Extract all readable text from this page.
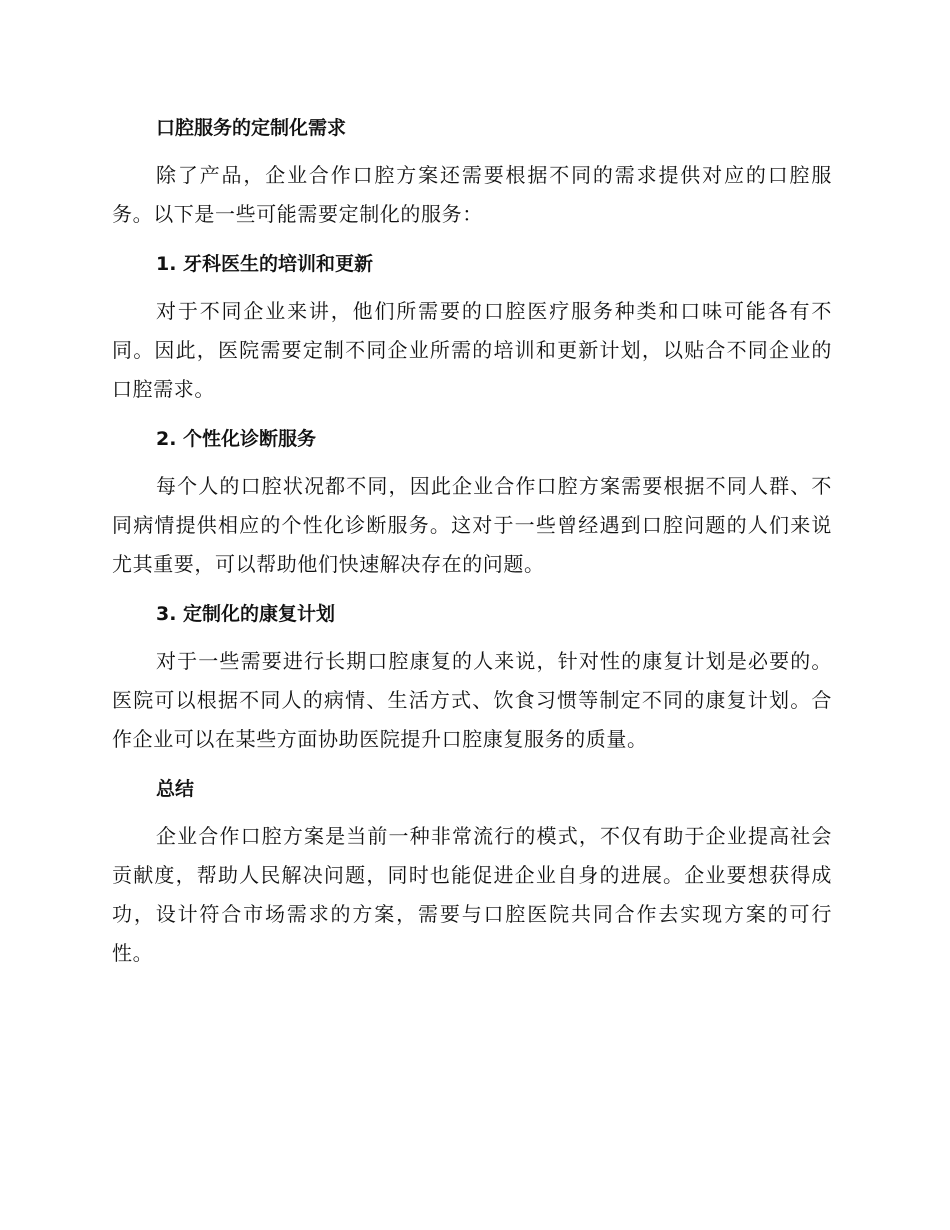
口腔服务的定制化需求

除了产品，企业合作口腔方案还需要根据不同的需求提供对应的口腔服务。以下是一些可能需要定制化的服务：

1. 牙科医生的培训和更新

对于不同企业来讲，他们所需要的口腔医疗服务种类和口味可能各有不同。因此，医院需要定制不同企业所需的培训和更新计划，以贴合不同企业的口腔需求。

2. 个性化诊断服务

每个人的口腔状况都不同，因此企业合作口腔方案需要根据不同人群、不同病情提供相应的个性化诊断服务。这对于一些曾经遇到口腔问题的人们来说尤其重要，可以帮助他们快速解决存在的问题。

3. 定制化的康复计划

对于一些需要进行长期口腔康复的人来说，针对性的康复计划是必要的。医院可以根据不同人的病情、生活方式、饮食习惯等制定不同的康复计划。合作企业可以在某些方面协助医院提升口腔康复服务的质量。

总结

企业合作口腔方案是当前一种非常流行的模式，不仅有助于企业提高社会贡献度，帮助人民解决问题，同时也能促进企业自身的进展。企业要想获得成功，设计符合市场需求的方案，需要与口腔医院共同合作去实现方案的可行性。
